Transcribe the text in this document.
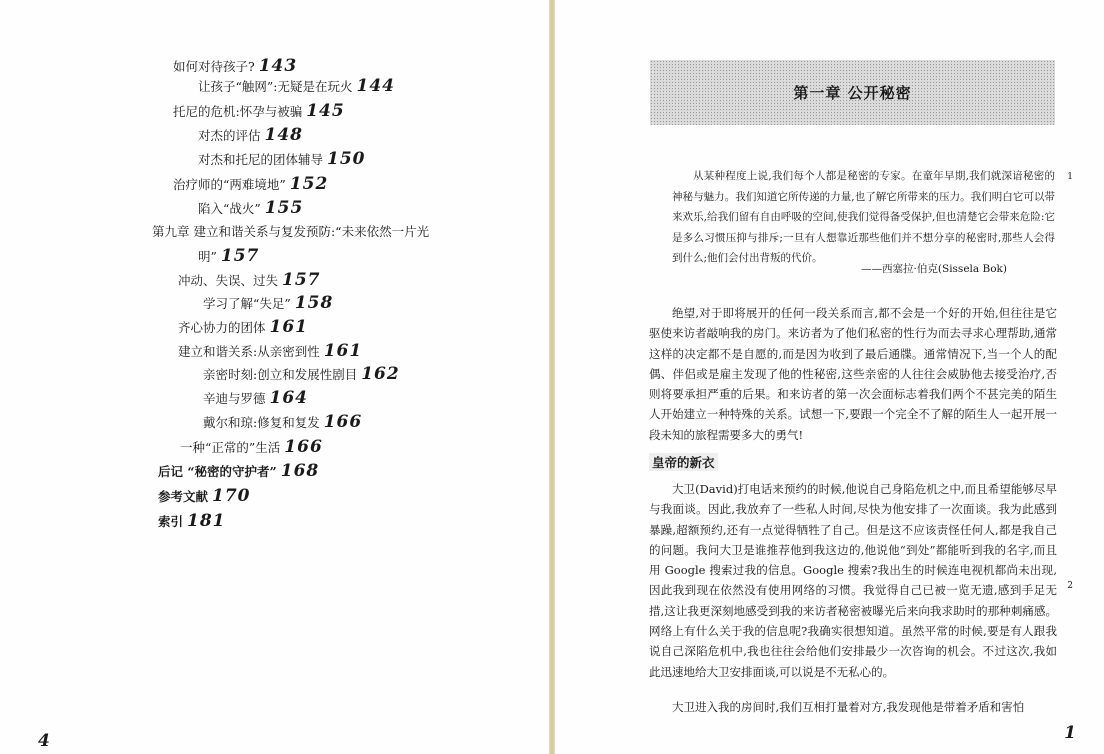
如何对待孩子? 143
让孩子“触网”:无疑是在玩火 144
托尼的危机:怀孕与被骗 145
对杰的评估 148
对杰和托尼的团体辅导 150
治疗师的“两难境地” 152
陷入“战火” 155
第九章 建立和谐关系与复发预防:“未来依然一片光
明” 157
冲动、失误、过失 157
学习了解“失足” 158
齐心协力的团体 161
建立和谐关系:从亲密到性 161
亲密时刻:创立和发展性剧目 162
辛迪与罗德 164
戴尔和琼:修复和复发 166
一种“正常的”生活 166
后记 “秘密的守护者” 168
参考文献 170
索引 181
4
第一章 公开秘密

从某种程度上说,我们每个人都是秘密的专家。在童年早期,我们就深谙秘密的神秘与魅力。我们知道它所传递的力量,也了解它所带来的压力。我们明白它可以带来欢乐,给我们留有自由呼吸的空间,使我们觉得备受保护,但也清楚它会带来危险:它是多么习惯压抑与排斥;一旦有人想靠近那些他们并不想分享的秘密时,那些人会得到什么;他们会付出背叛的代价。

——西塞拉·伯克(Sissela Bok)
1

绝望,对于即将展开的任何一段关系而言,都不会是一个好的开始,但往往是它驱使来访者敲响我的房门。来访者为了他们私密的性行为而去寻求心理帮助,通常这样的决定都不是自愿的,而是因为收到了最后通牒。通常情况下,当一个人的配偶、伴侣或是雇主发现了他的性秘密,这些亲密的人往往会威胁他去接受治疗,否则将要承担严重的后果。和来访者的第一次会面标志着我们两个不甚完美的陌生人开始建立一种特殊的关系。试想一下,要跟一个完全不了解的陌生人一起开展一段未知的旅程需要多大的勇气!

皇帝的新衣

大卫(David)打电话来预约的时候,他说自己身陷危机之中,而且希望能够尽早与我面谈。因此,我放弃了一些私人时间,尽快为他安排了一次面谈。我为此感到暴躁,超额预约,还有一点觉得牺牲了自己。但是这不应该责怪任何人,都是我自己的问题。我问大卫是谁推荐他到我这边的,他说他“到处”都能听到我的名字,而且用 Google 搜索过我的信息。Google 搜索?我出生的时候连电视机都尚未出现,因此我到现在依然没有使用网络的习惯。我觉得自己已被一览无遗,感到手足无措,这让我更深刻地感受到我的来访者秘密被曝光后来向我求助时的那种刺痛感。网络上有什么关于我的信息呢?我确实很想知道。虽然平常的时候,要是有人跟我说自己深陷危机中,我也往往会给他们安排最少一次咨询的机会。不过这次,我如此迅速地给大卫安排面谈,可以说是不无私心的。

2

大卫进入我的房间时,我们互相打量着对方,我发现他是带着矛盾和害怕

1
